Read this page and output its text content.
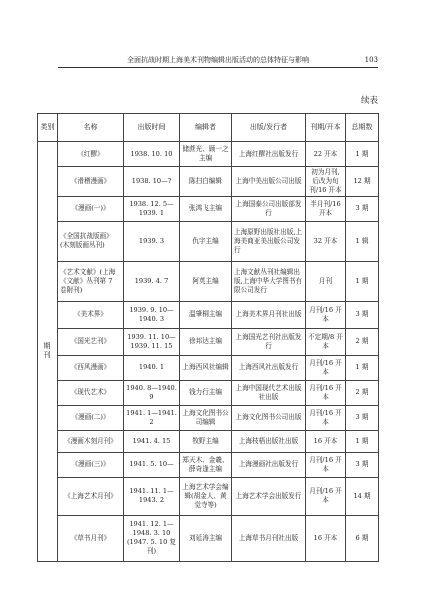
全面抗战时期上海美术刊物编辑出版活动的总体特征与影响	103
续表
类别	名称	出版时间	编辑者	出版/发行者	刊期/开本	总期数
期刊	《红醪》	1938. 10. 10	储蔗光、顾一之主编	上海红醪社出版发行	22 开本	1 期
	《滑稽漫画》	1938. 10—?	陈扫白编辑	上海中美出版公司出版	初为月刊,后改为旬刊/16 开本	12 期
	《漫画(一)》	1938. 12. 5—1939. 1	张鸿飞主编	上海国泰公司出版部发行	半月刊/16 开本	3 期
	《全国抗战版画》(木刻版画丛刊)	1939. 3	仇宇主编	上海原野出版社出版,上海美商亚美出版公司发行	32 开本	1 辑
	《艺术文献》(上海《文献》丛刊第 7 卷附刊)	1939. 4. 7	阿英主编	上海文献丛刊社编辑出版,上海中华大学图书有限公司发行	月刊	1 期
	《美术界》	1939. 9. 10—1940. 3	温肇桐主编	上海美术界月刊社出版	月刊/16 开本	3 期
	《国光艺刊》	1939. 11. 10—1939. 11. 15	徐邦达主编	上海国光艺刊社出版发行	不定期/8 开本	2 期
	《西风漫画》	1940. 1	上海西风社编辑	上海西风社出版发行	月刊/16 开本	1 期
	《现代艺术》	1940. 8—1940. 9	钱力行主编	上海中国现代艺术出版社出版	月刊/16 开本	2 期
	《漫画(二)》	1941. 1—1941. 2	上海文化图书公司编辑	上海文化图书公司出版	月刊/16 开本	3 期
	《漫画木刻月刊》	1941. 4. 15	牧野主编	上海枝梧出版社出版	16 开本	1 期
	《漫画(三)》	1941. 5. 10—	郑天木、金羲、薛奇逢主编	上海漫画社出版发行	月刊/16 开本	3 期
	《上海艺术月刊》	1941. 11. 1—1943. 2	上海艺术学会编辑(胡金人、黄觉寺等)	上海艺术学会出版发行	月刊/16 开本	14 期
	《草书月刊》	1941. 12. 1—1948. 3. 10 (1947. 5. 10 复刊)	刘延涛主编	上海草书月刊社出版	16 开本	6 期
